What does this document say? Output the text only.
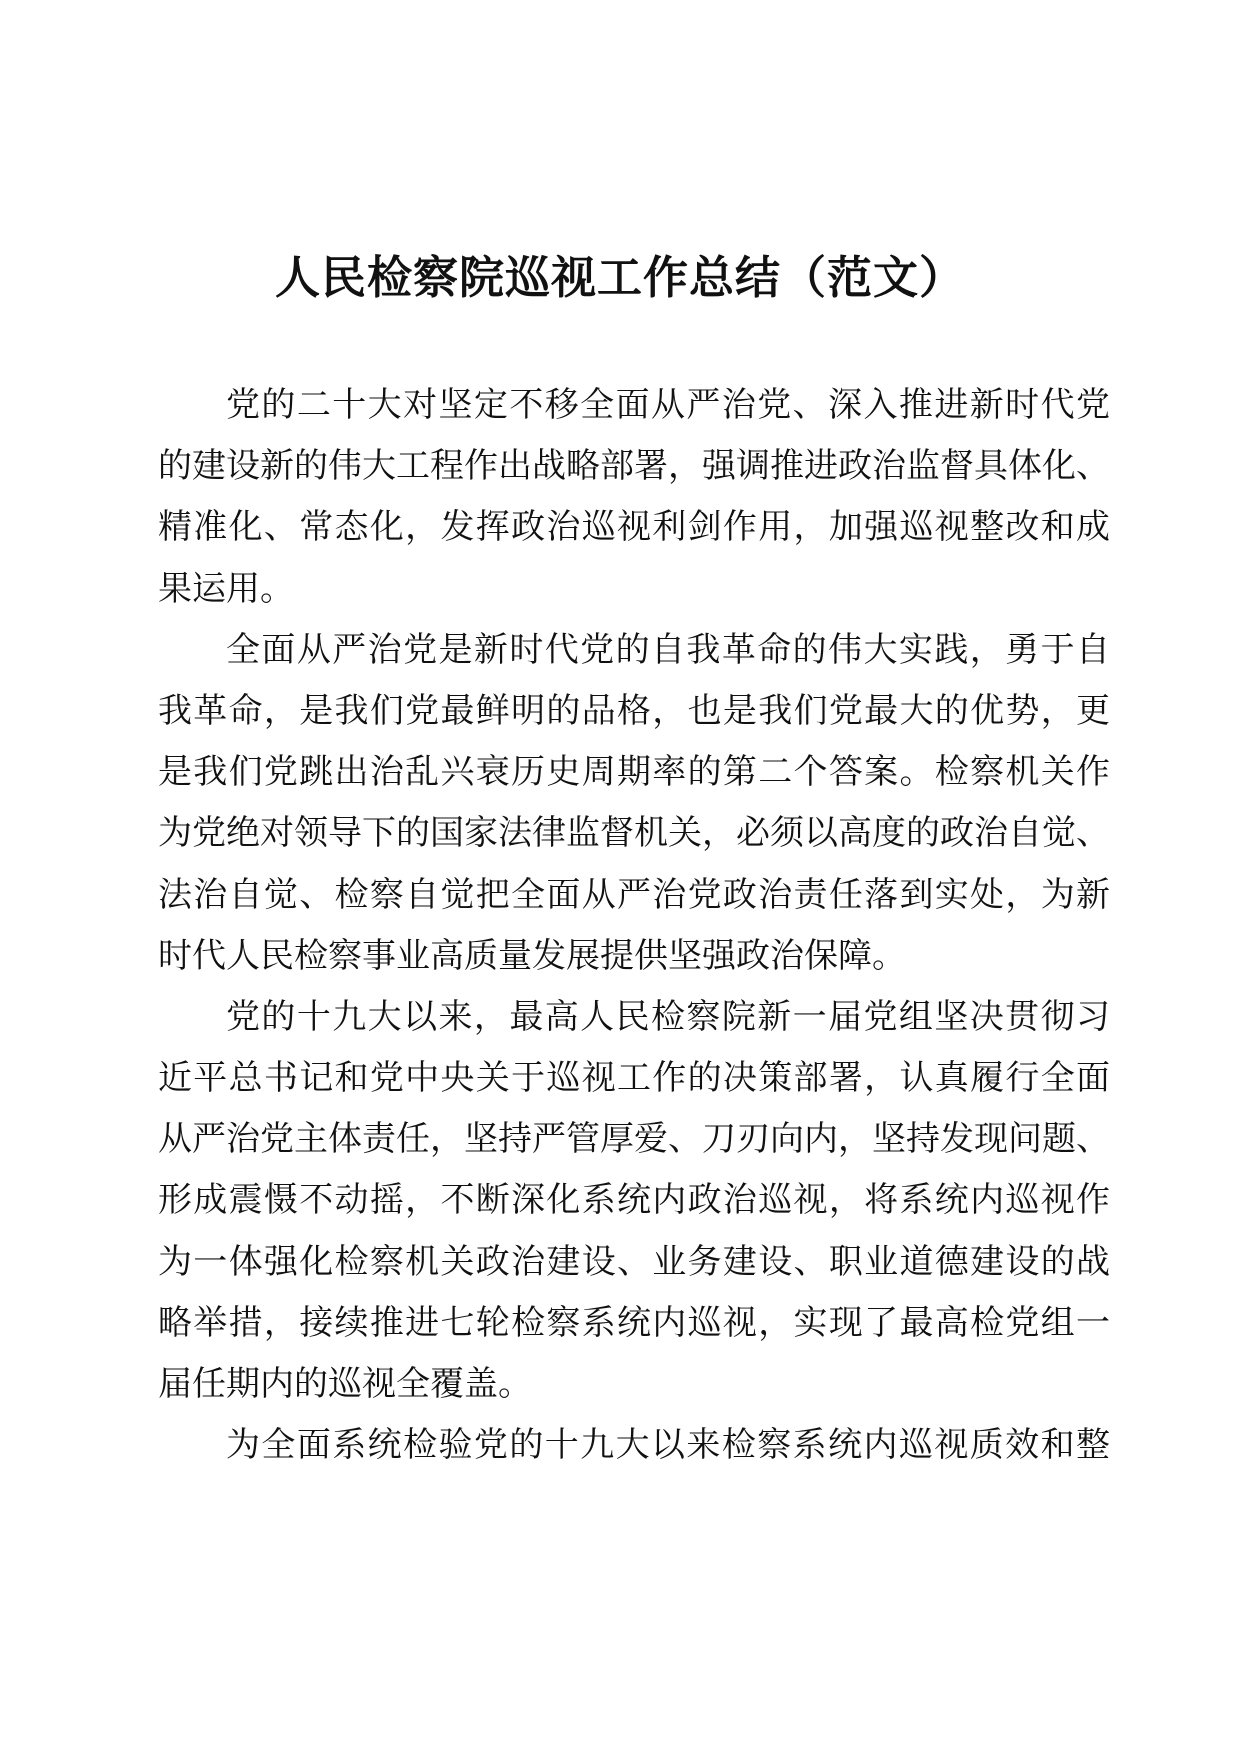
人民检察院巡视工作总结（范文）
党的二十大对坚定不移全面从严治党、深入推进新时代党
的建设新的伟大工程作出战略部署，强调推进政治监督具体化、
精准化、常态化，发挥政治巡视利剑作用，加强巡视整改和成
果运用。
全面从严治党是新时代党的自我革命的伟大实践，勇于自
我革命，是我们党最鲜明的品格，也是我们党最大的优势，更
是我们党跳出治乱兴衰历史周期率的第二个答案。检察机关作
为党绝对领导下的国家法律监督机关，必须以高度的政治自觉、
法治自觉、检察自觉把全面从严治党政治责任落到实处，为新
时代人民检察事业高质量发展提供坚强政治保障。
党的十九大以来，最高人民检察院新一届党组坚决贯彻习
近平总书记和党中央关于巡视工作的决策部署，认真履行全面
从严治党主体责任，坚持严管厚爱、刀刃向内，坚持发现问题、
形成震慑不动摇，不断深化系统内政治巡视，将系统内巡视作
为一体强化检察机关政治建设、业务建设、职业道德建设的战
略举措，接续推进七轮检察系统内巡视，实现了最高检党组一
届任期内的巡视全覆盖。
为全面系统检验党的十九大以来检察系统内巡视质效和整
